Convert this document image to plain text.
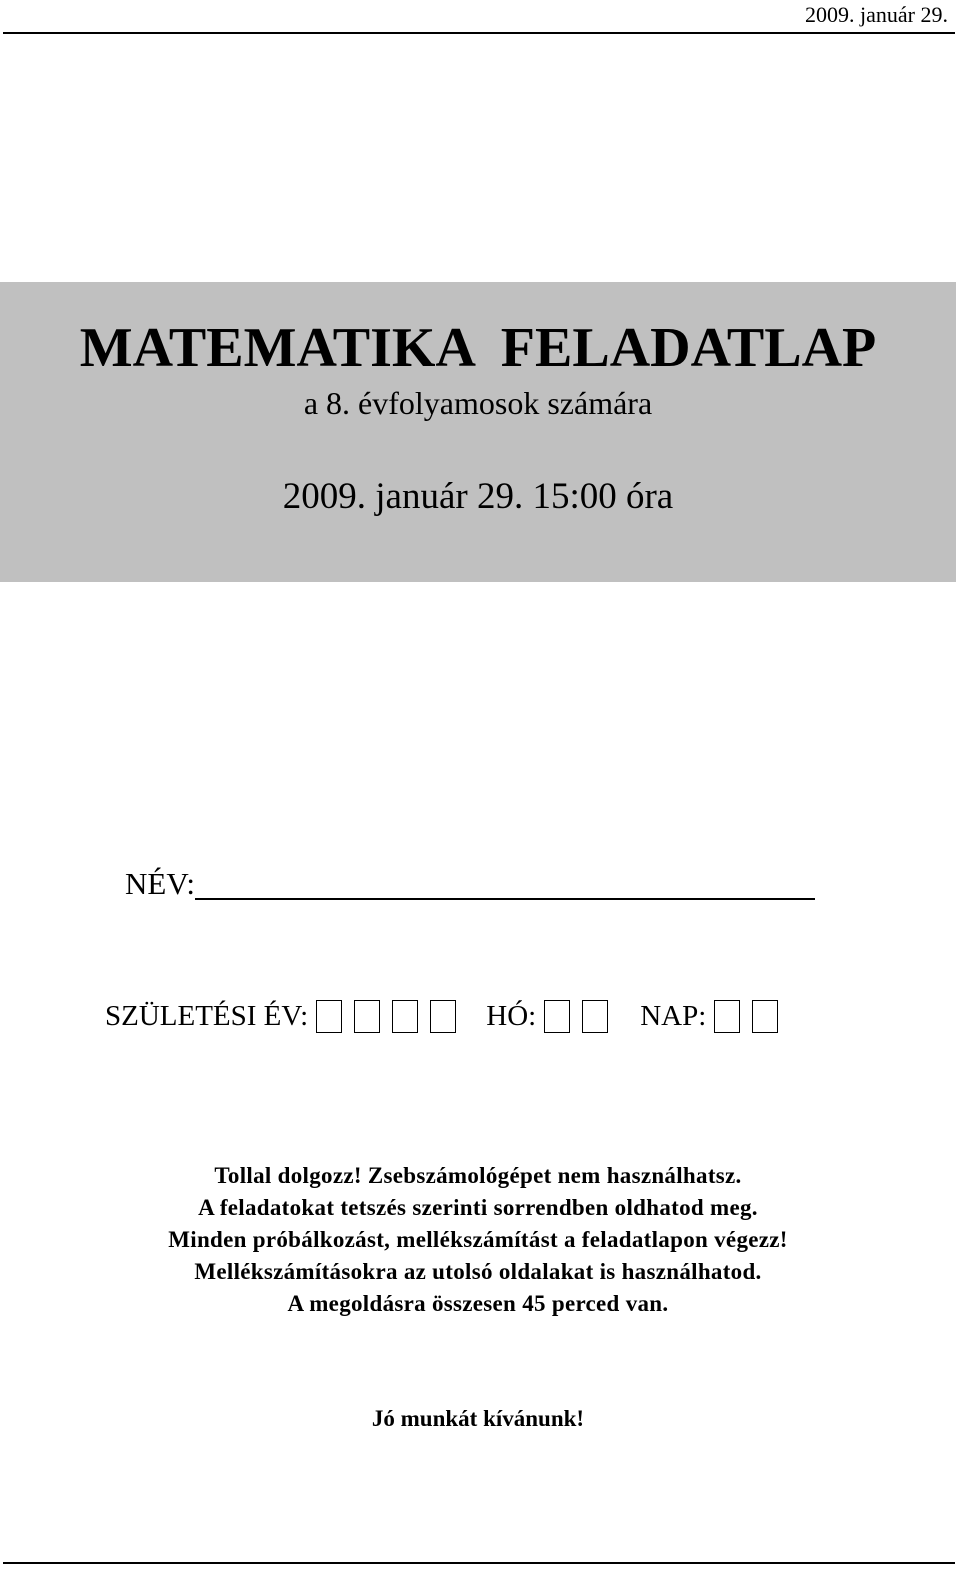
2009. január 29.
MATEMATIKA FELADATLAP
a 8. évfolyamosok számára
2009. január 29. 15:00 óra
NÉV:
SZÜLETÉSI ÉV:	HÓ:	NAP:
Tollal dolgozz! Zsebszámológépet nem használhatsz.
A feladatokat tetszés szerinti sorrendben oldhatod meg.
Minden próbálkozást, mellékszámítást a feladatlapon végezz!
Mellékszámításokra az utolsó oldalakat is használhatod.
A megoldásra összesen 45 perced van.
Jó munkát kívánunk!
